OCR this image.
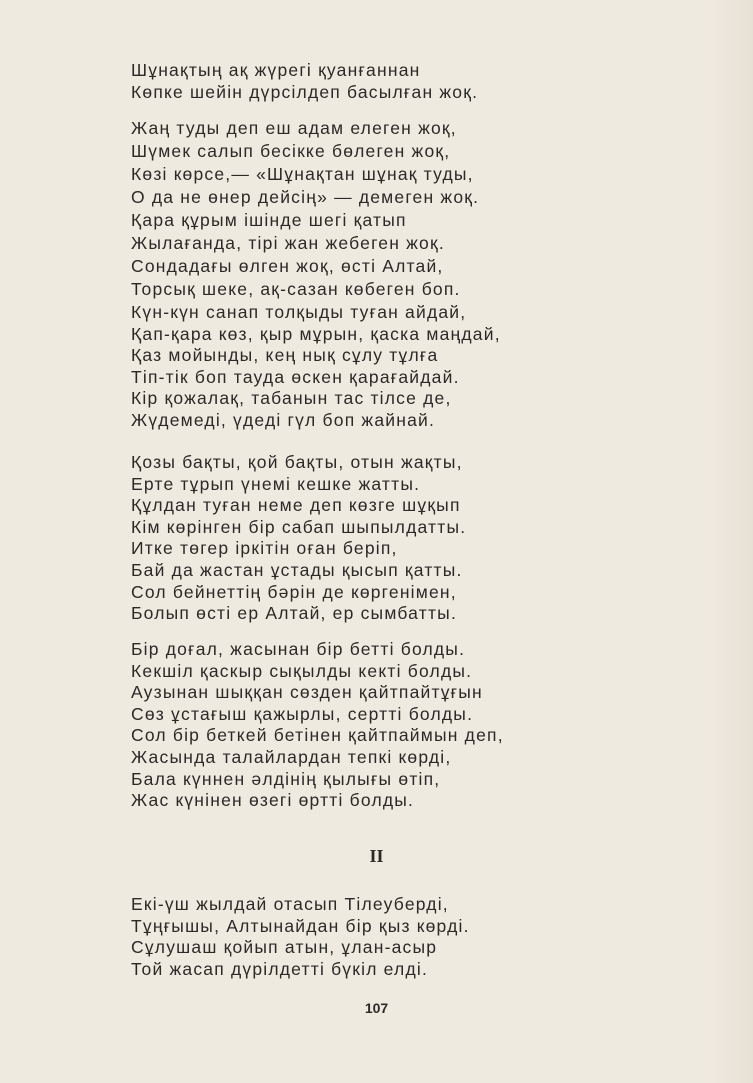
Шұнақтың ақ жүрегі қуанғаннан
Көпке шейін дүрсілдеп басылған жоқ.
Жаң туды деп еш адам елеген жоқ,
Шүмек салып бесікке бөлеген жоқ,
Көзі көрсе,— «Шұнақтан шұнақ туды,
О да не өнер дейсің» — демеген жоқ.
Қара құрым ішінде шегі қатып
Жылағанда, тірі жан жебеген жоқ.
Сондадағы өлген жоқ, өсті Алтай,
Торсық шеке, ақ-сазан көбеген боп.
Күн-күн санап толқыды туған айдай,
Қап-қара көз, қыр мұрын, қаска маңдай,
Қаз мойынды, кең нық сұлу тұлға
Тіп-тік боп тауда өскен қарағайдай.
Кір қожалақ, табанын тас тілсе де,
Жүдемеді, үдеді гүл боп жайнай.
Қозы бақты, қой бақты, отын жақты,
Ерте тұрып үнемі кешке жатты.
Құлдан туған неме деп көзге шұқып
Кім көрінген бір сабап шыпылдатты.
Итке төгер іркітін оған беріп,
Бай да жастан ұстады қысып қатты.
Сол бейнеттің бәрін де көргенімен,
Болып өсті ер Алтай, ер сымбатты.
Бір доғал, жасынан бір бетті болды.
Кекшіл қаскыр сықылды кекті болды.
Аузынан шыққан сөзден қайтпайтұғын
Сөз ұстағыш қажырлы, серттi болды.
Сол бір беткей бетінен қайтпаймын деп,
Жасында талайлардан тепкі көрді,
Бала күннен әлдінің қылығы өтіп,
Жас күнінен өзегі өртті болды.
II
Екі-үш жылдай отасып Тілеуберді,
Тұңғышы, Алтынайдан бір қыз көрді.
Сұлушаш қойып атын, ұлан-асыр
Той жасап дүрілдетті бүкіл елді.
107
